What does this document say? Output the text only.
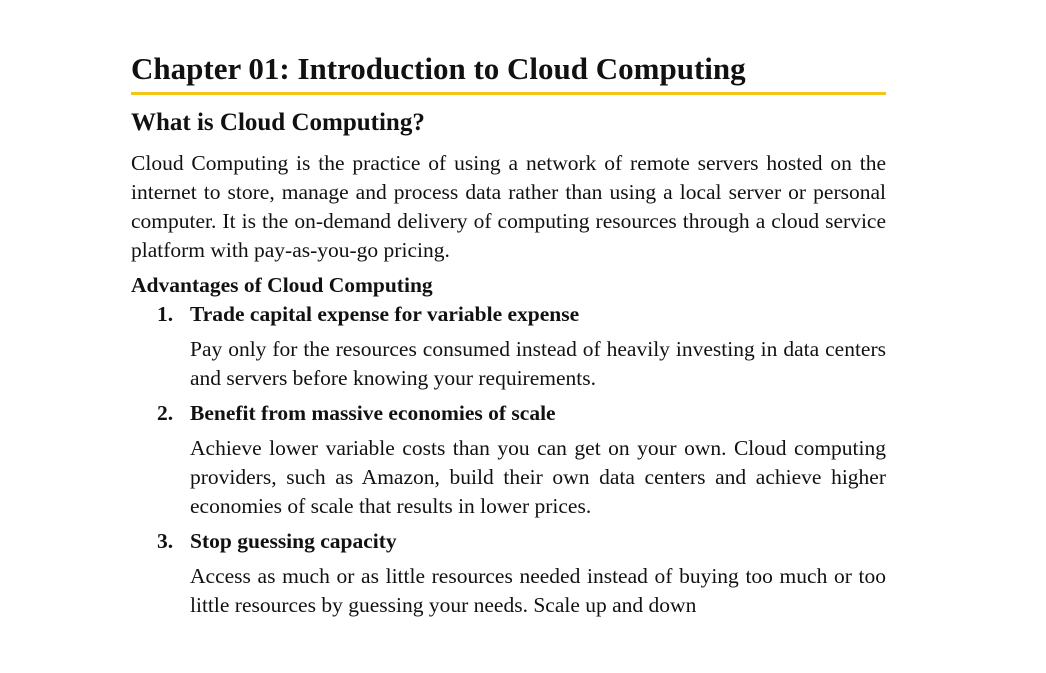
Chapter 01: Introduction to Cloud Computing
What is Cloud Computing?

Cloud Computing is the practice of using a network of remote servers hosted on the internet to store, manage and process data rather than using a local server or personal computer. It is the on-demand delivery of computing resources through a cloud service platform with pay-as-you-go pricing.

Advantages of Cloud Computing
1. Trade capital expense for variable expense

Pay only for the resources consumed instead of heavily investing in data centers and servers before knowing your requirements.

2. Benefit from massive economies of scale

Achieve lower variable costs than you can get on your own. Cloud computing providers, such as Amazon, build their own data centers and achieve higher economies of scale that results in lower prices.

3. Stop guessing capacity

Access as much or as little resources needed instead of buying too much or too little resources by guessing your needs. Scale up and down
